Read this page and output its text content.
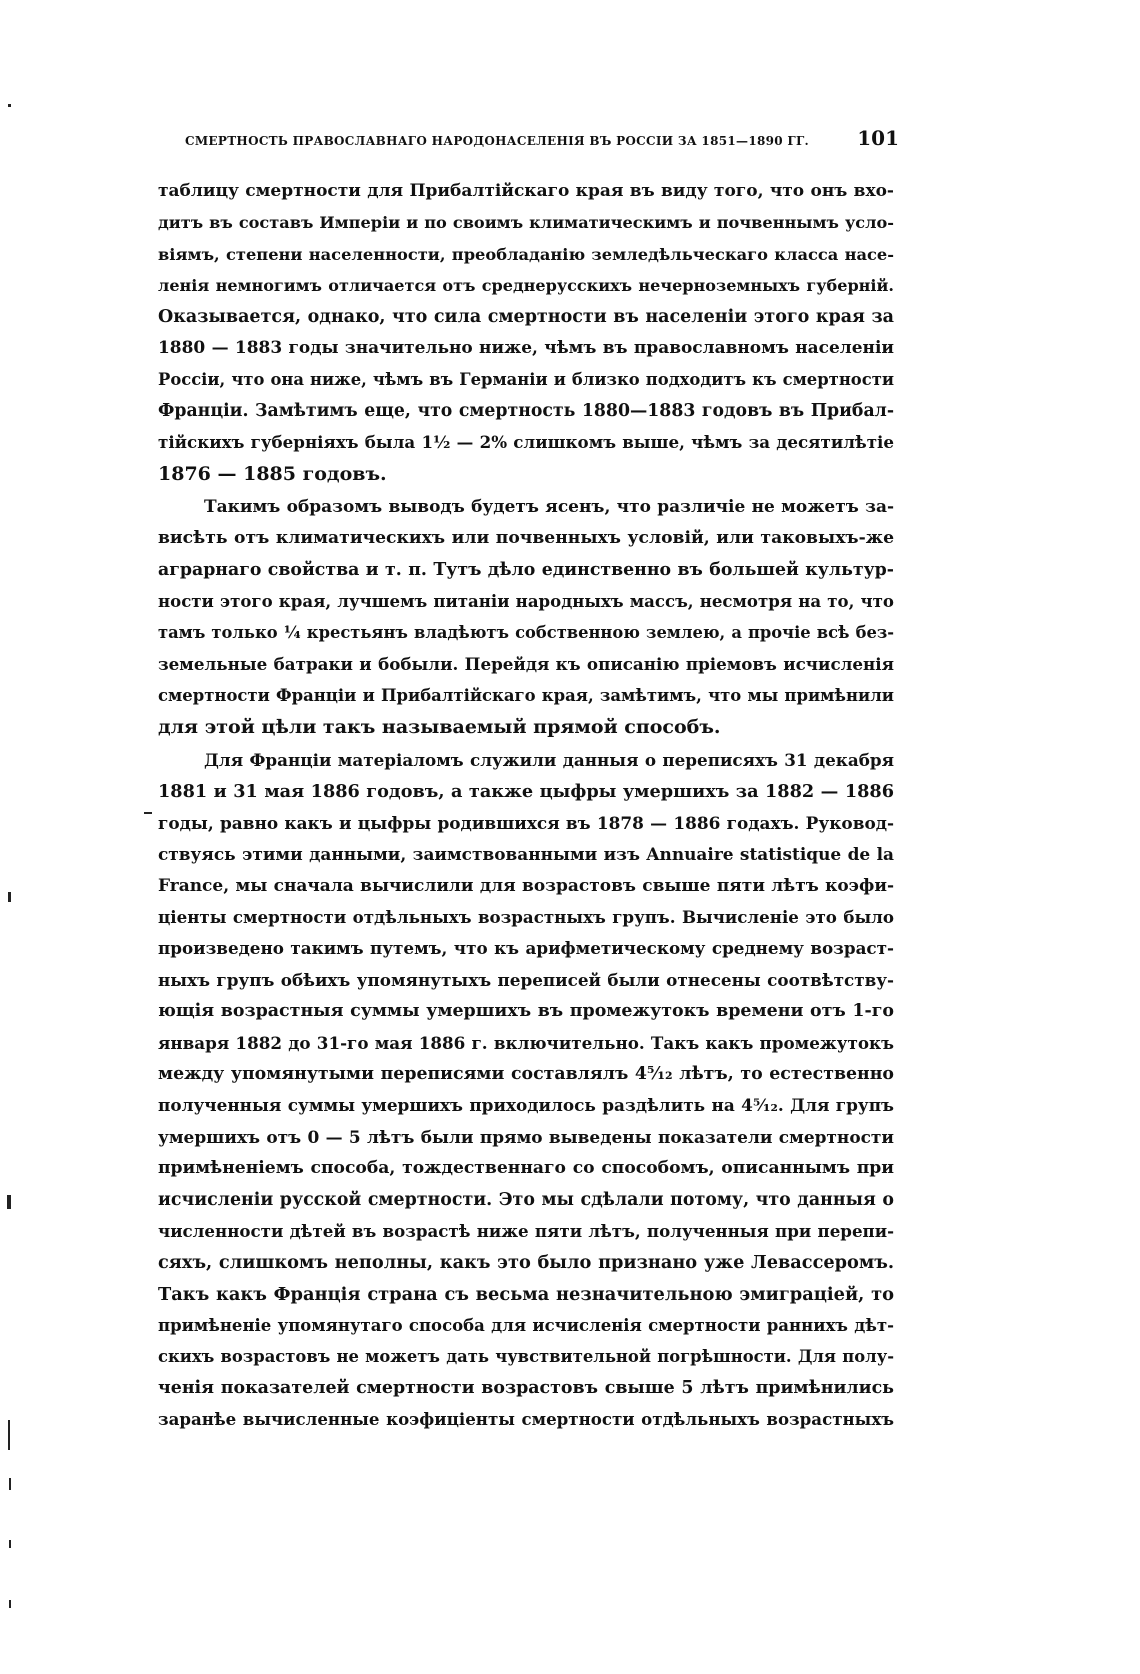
СМЕРТНОСТЬ ПРАВОСЛАВНАГО НАРОДОНАСЕЛЕНІЯ ВЪ РОССІИ ЗА 1851—1890 ГГ. 101
таблицу смертности для Прибалтійскаго края въ виду того, что онъ вхо-
дитъ въ составъ Имперіи и по своимъ климатическимъ и почвеннымъ усло-
віямъ, степени населенности, преобладанію земледѣльческаго класса насе-
ленія немногимъ отличается отъ среднерусскихъ нечерноземныхъ губерній.
Оказывается, однако, что сила смертности въ населеніи этого края за
1880 — 1883 годы значительно ниже, чѣмъ въ православномъ населеніи
Россіи, что она ниже, чѣмъ въ Германіи и близко подходитъ къ смертности
Франціи. Замѣтимъ еще, что смертность 1880—1883 годовъ въ Прибал-
тійскихъ губерніяхъ была 1½ — 2% слишкомъ выше, чѣмъ за десятилѣтіе
1876 — 1885 годовъ.
Такимъ образомъ выводъ будетъ ясенъ, что различіе не можетъ за-
висѣть отъ климатическихъ или почвенныхъ условій, или таковыхъ-же
аграрнаго свойства и т. п. Тутъ дѣло единственно въ большей культур-
ности этого края, лучшемъ питаніи народныхъ массъ, несмотря на то, что
тамъ только ¼ крестьянъ владѣютъ собственною землею, а прочіе всѣ без-
земельные батраки и бобыли. Перейдя къ описанію пріемовъ исчисленія
смертности Франціи и Прибалтійскаго края, замѣтимъ, что мы примѣнили
для этой цѣли такъ называемый прямой способъ.
Для Франціи матеріаломъ служили данныя о переписяхъ 31 декабря
1881 и 31 мая 1886 годовъ, а также цыфры умершихъ за 1882 — 1886
годы, равно какъ и цыфры родившихся въ 1878 — 1886 годахъ. Руковод-
ствуясь этими данными, заимствованными изъ Annuaire statistique de la
France, мы сначала вычислили для возрастовъ свыше пяти лѣтъ коэфи-
ціенты смертности отдѣльныхъ возрастныхъ групъ. Вычисленіе это было
произведено такимъ путемъ, что къ арифметическому среднему возраст-
ныхъ групъ обѣихъ упомянутыхъ переписей были отнесены соотвѣтству-
ющія возрастныя суммы умершихъ въ промежутокъ времени отъ 1-го
января 1882 до 31-го мая 1886 г. включительно. Такъ какъ промежутокъ
между упомянутыми переписями составлялъ 4⁵⁄₁₂ лѣтъ, то естественно
полученныя суммы умершихъ приходилось раздѣлить на 4⁵⁄₁₂. Для групъ
умершихъ отъ 0 — 5 лѣтъ были прямо выведены показатели смертности
примѣненіемъ способа, тождественнаго со способомъ, описаннымъ при
исчисленіи русской смертности. Это мы сдѣлали потому, что данныя о
численности дѣтей въ возрастѣ ниже пяти лѣтъ, полученныя при перепи-
сяхъ, слишкомъ неполны, какъ это было признано уже Левассеромъ.
Такъ какъ Франція страна съ весьма незначительною эмиграціей, то
примѣненіе упомянутаго способа для исчисленія смертности раннихъ дѣт-
скихъ возрастовъ не можетъ дать чувствительной погрѣшности. Для полу-
ченія показателей смертности возрастовъ свыше 5 лѣтъ примѣнились
заранѣе вычисленные коэфиціенты смертности отдѣльныхъ возрастныхъ
